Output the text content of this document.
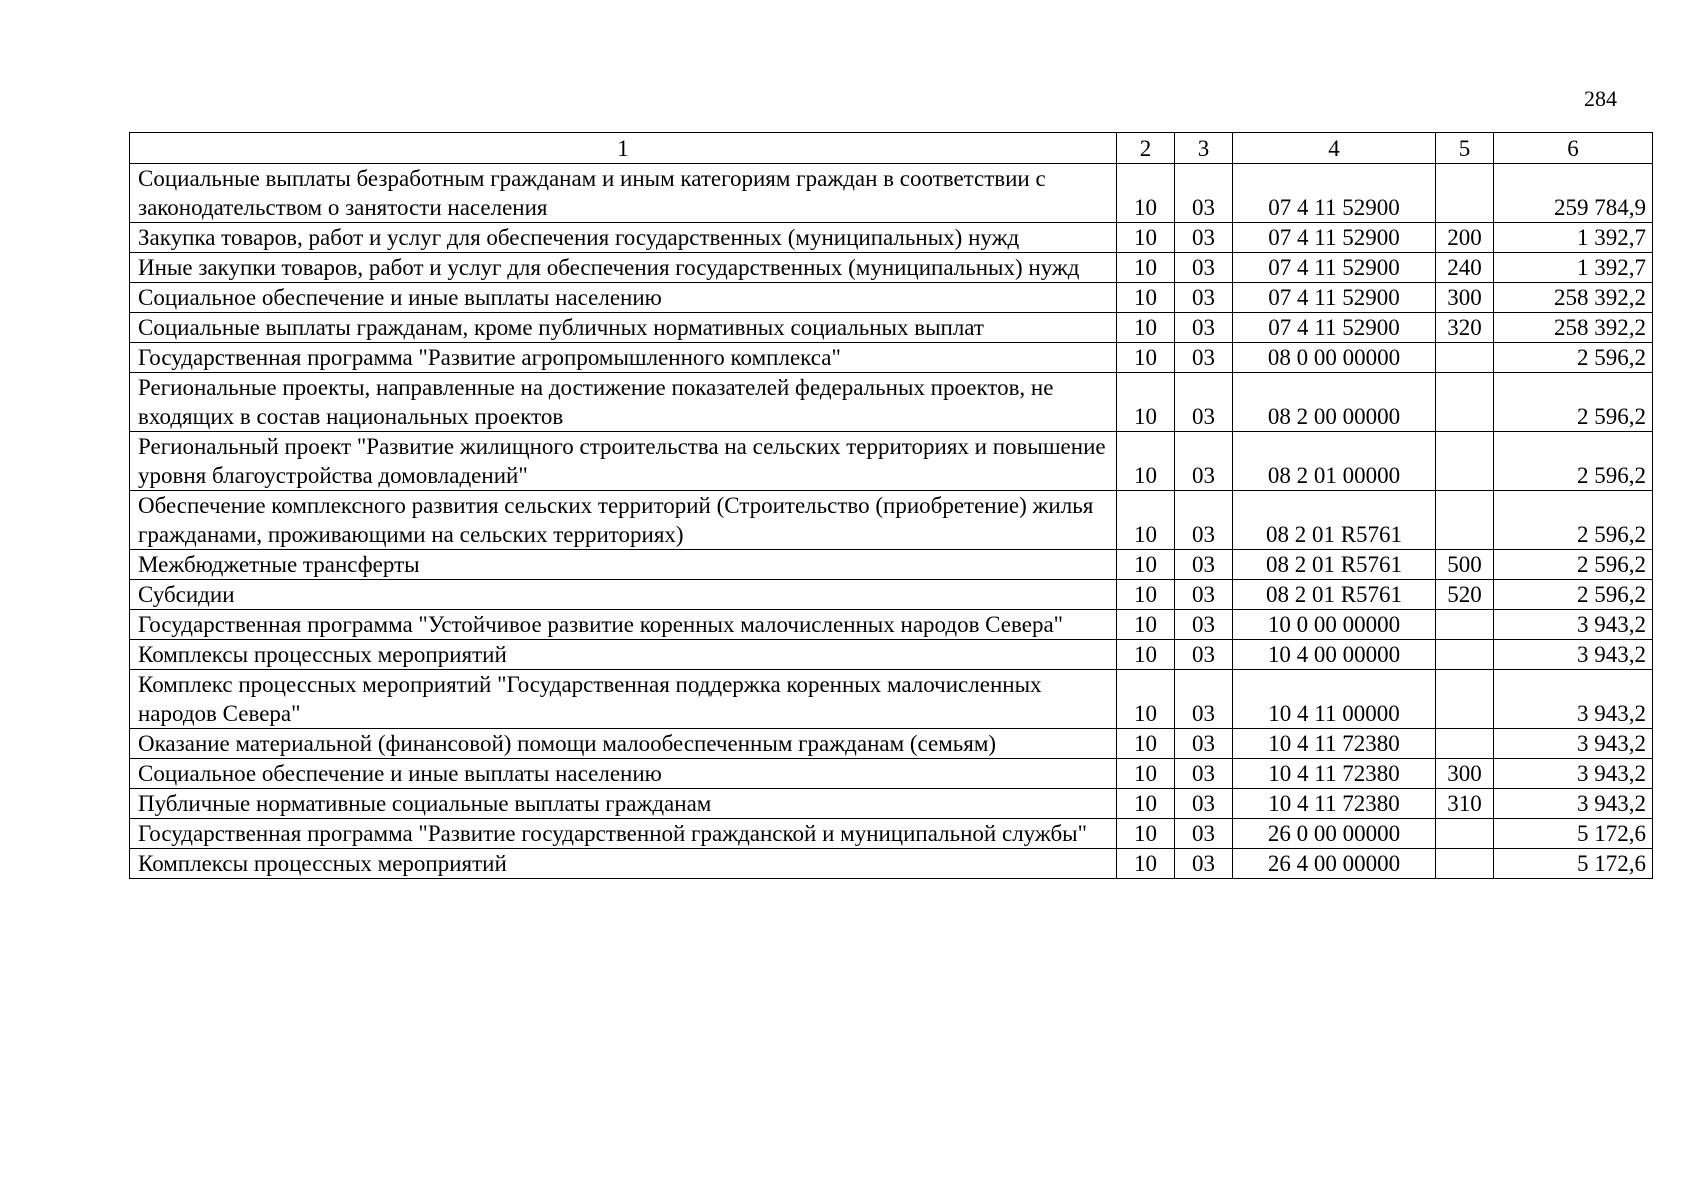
284
1	2	3	4	5	6
Социальные выплаты безработным гражданам и иным категориям граждан в соответствии с законодательством о занятости населения	10	03	07 4 11 52900		259 784,9
Закупка товаров, работ и услуг для обеспечения государственных (муниципальных) нужд	10	03	07 4 11 52900	200	1 392,7
Иные закупки товаров, работ и услуг для обеспечения государственных (муниципальных) нужд	10	03	07 4 11 52900	240	1 392,7
Социальное обеспечение и иные выплаты населению	10	03	07 4 11 52900	300	258 392,2
Социальные выплаты гражданам, кроме публичных нормативных социальных выплат	10	03	07 4 11 52900	320	258 392,2
Государственная программа "Развитие агропромышленного комплекса"	10	03	08 0 00 00000		2 596,2
Региональные проекты, направленные на достижение показателей федеральных проектов, не входящих в состав национальных проектов	10	03	08 2 00 00000		2 596,2
Региональный проект "Развитие жилищного строительства на сельских территориях и повышение уровня благоустройства домовладений"	10	03	08 2 01 00000		2 596,2
Обеспечение комплексного развития сельских территорий (Строительство (приобретение) жилья гражданами, проживающими на сельских территориях)	10	03	08 2 01 R5761		2 596,2
Межбюджетные трансферты	10	03	08 2 01 R5761	500	2 596,2
Субсидии	10	03	08 2 01 R5761	520	2 596,2
Государственная программа "Устойчивое развитие коренных малочисленных народов Севера"	10	03	10 0 00 00000		3 943,2
Комплексы процессных мероприятий	10	03	10 4 00 00000		3 943,2
Комплекс процессных мероприятий "Государственная поддержка коренных малочисленных народов Севера"	10	03	10 4 11 00000		3 943,2
Оказание материальной (финансовой) помощи малообеспеченным гражданам (семьям)	10	03	10 4 11 72380		3 943,2
Социальное обеспечение и иные выплаты населению	10	03	10 4 11 72380	300	3 943,2
Публичные нормативные социальные выплаты гражданам	10	03	10 4 11 72380	310	3 943,2
Государственная программа "Развитие государственной гражданской и муниципальной службы"	10	03	26 0 00 00000		5 172,6
Комплексы процессных мероприятий	10	03	26 4 00 00000		5 172,6
